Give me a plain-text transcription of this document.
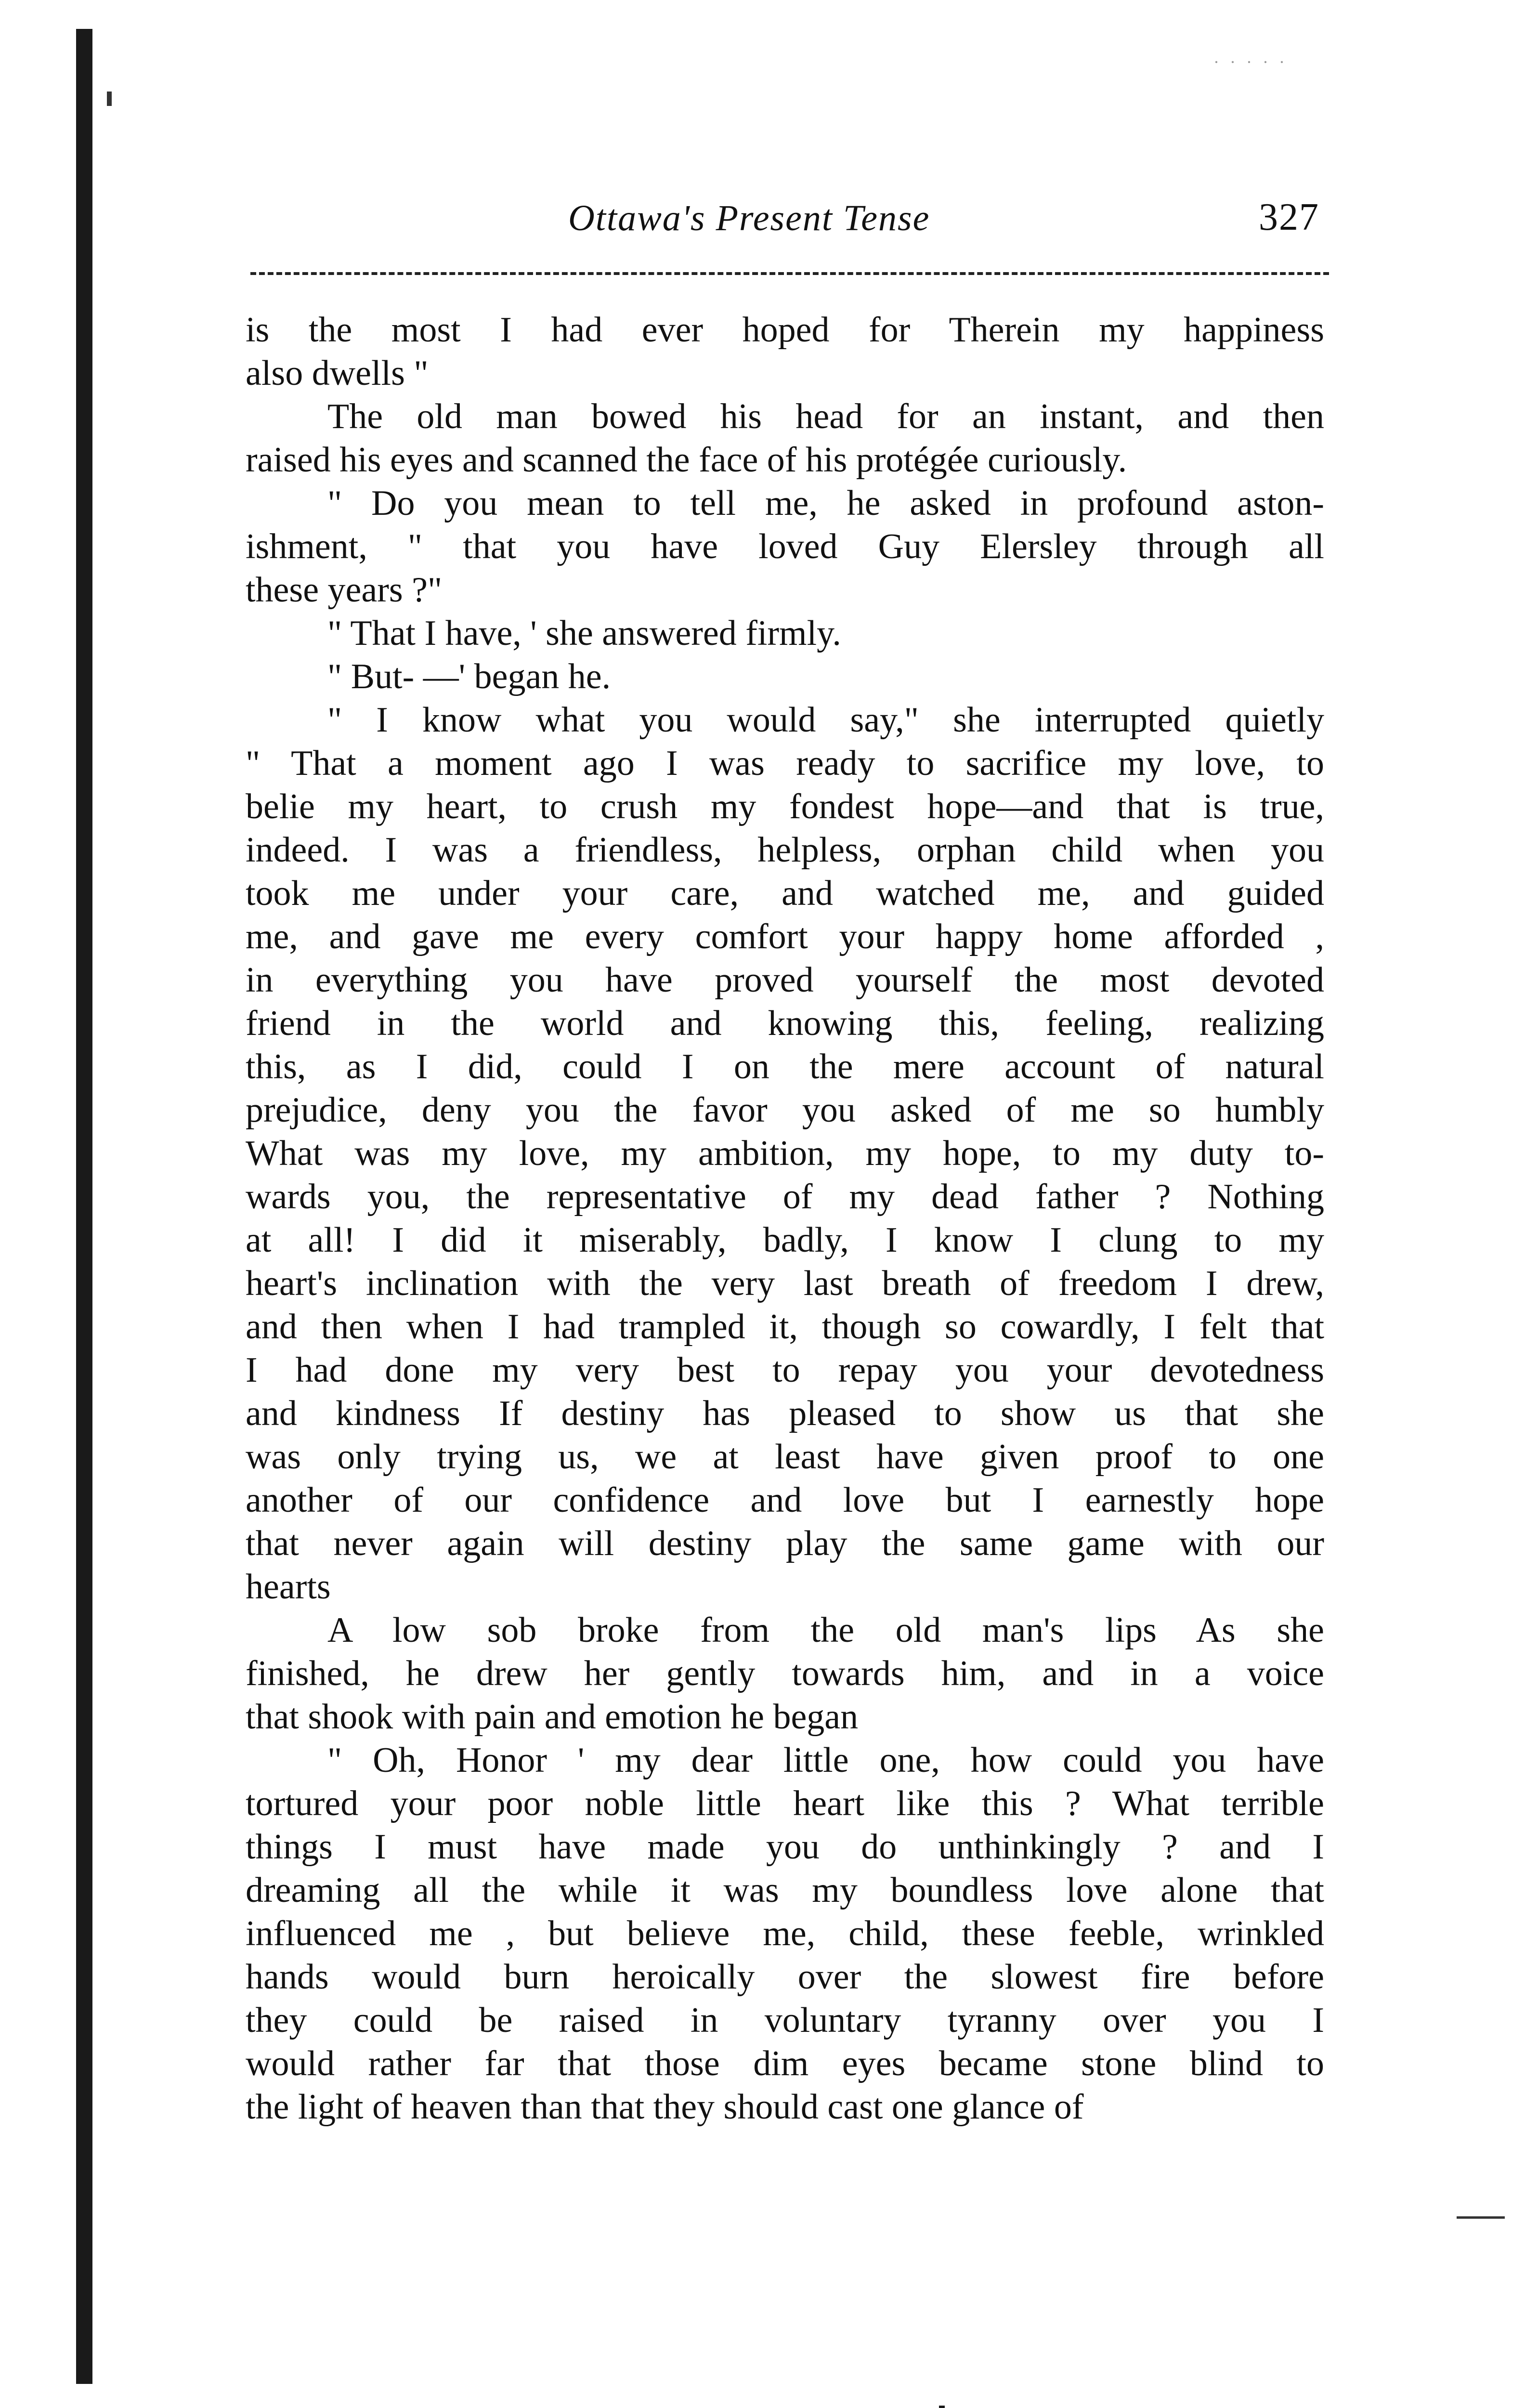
·····
Ottawa's Present Tense	327
is the most I had ever hoped for Therein my happiness
also dwells "
The old man bowed his head for an instant, and then
raised his eyes and scanned the face of his protégée curiously.
" Do you mean to tell me, he asked in profound aston-
ishment, " that you have loved Guy Elersley through all
these years ?"
" That I have, ' she answered firmly.
" But- —' began he.
" I know what you would say," she interrupted quietly
" That a moment ago I was ready to sacrifice my love, to
belie my heart, to crush my fondest hope—and that is true,
indeed. I was a friendless, helpless, orphan child when you
took me under your care, and watched me, and guided
me, and gave me every comfort your happy home afforded ,
in everything you have proved yourself the most devoted
friend in the world and knowing this, feeling, realizing
this, as I did, could I on the mere account of natural
prejudice, deny you the favor you asked of me so humbly
What was my love, my ambition, my hope, to my duty to-
wards you, the representative of my dead father ? Nothing
at all! I did it miserably, badly, I know I clung to my
heart's inclination with the very last breath of freedom I drew,
and then when I had trampled it, though so cowardly, I felt that
I had done my very best to repay you your devotedness
and kindness If destiny has pleased to show us that she
was only trying us, we at least have given proof to one
another of our confidence and love but I earnestly hope
that never again will destiny play the same game with our
hearts
A low sob broke from the old man's lips As she
finished, he drew her gently towards him, and in a voice
that shook with pain and emotion he began
" Oh, Honor ' my dear little one, how could you have
tortured your poor noble little heart like this ? What terrible
things I must have made you do unthinkingly ? and I
dreaming all the while it was my boundless love alone that
influenced me , but believe me, child, these feeble, wrinkled
hands would burn heroically over the slowest fire before
they could be raised in voluntary tyranny over you I
would rather far that those dim eyes became stone blind to
the light of heaven than that they should cast one glance of
